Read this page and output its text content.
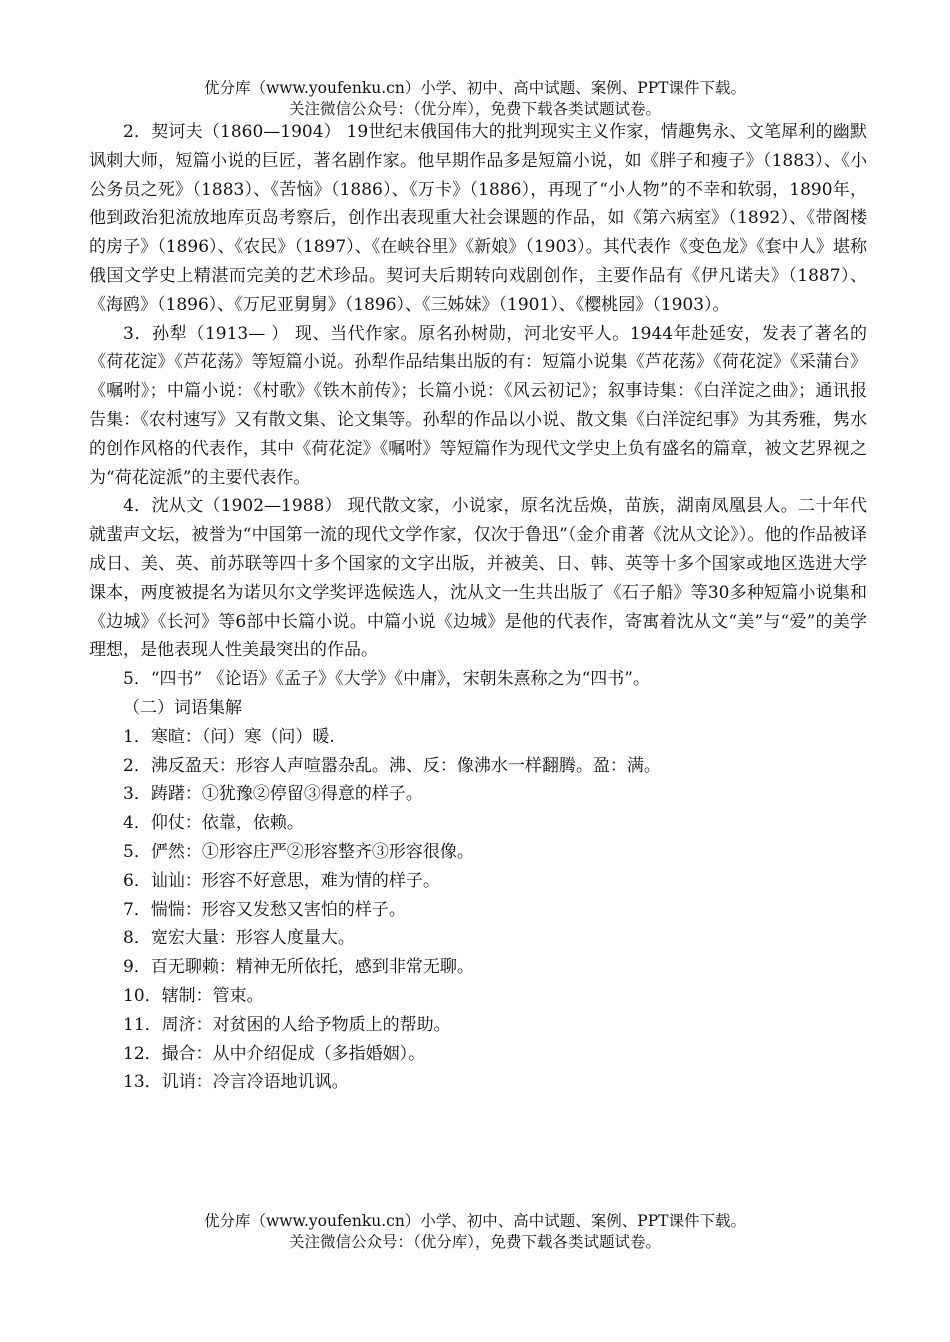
优分库（www.youfenku.cn）小学、初中、高中试题、案例、PPT课件下载。
关注微信公众号：（优分库），免费下载各类试题试卷。

2．契诃夫（1860—1904） 19世纪末俄国伟大的批判现实主义作家，情趣隽永、文笔犀利的幽默讽刺大师，短篇小说的巨匠，著名剧作家。他早期作品多是短篇小说，如《胖子和瘦子》（1883）、《小公务员之死》（1883）、《苦恼》（1886）、《万卡》（1886），再现了“小人物”的不幸和软弱，1890年，他到政治犯流放地库页岛考察后，创作出表现重大社会课题的作品，如《第六病室》（1892）、《带阁楼的房子》（1896）、《农民》（1897）、《在峡谷里》《新娘》（1903）。其代表作《变色龙》《套中人》堪称俄国文学史上精湛而完美的艺术珍品。契诃夫后期转向戏剧创作，主要作品有《伊凡诺夫》（1887）、《海鸥》（1896）、《万尼亚舅舅》（1896）、《三姊妹》（1901）、《樱桃园》（1903）。

3．孙犁（1913— ） 现、当代作家。原名孙树勋，河北安平人。1944年赴延安，发表了著名的《荷花淀》《芦花荡》等短篇小说。孙犁作品结集出版的有：短篇小说集《芦花荡》《荷花淀》《采蒲台》《嘱咐》；中篇小说：《村歌》《铁木前传》；长篇小说：《风云初记》；叙事诗集：《白洋淀之曲》；通讯报告集：《农村速写》又有散文集、论文集等。孙犁的作品以小说、散文集《白洋淀纪事》为其秀雅，隽水的创作风格的代表作，其中《荷花淀》《嘱咐》等短篇作为现代文学史上负有盛名的篇章，被文艺界视之为“荷花淀派”的主要代表作。

4．沈从文（1902—1988） 现代散文家，小说家，原名沈岳焕，苗族，湖南凤凰县人。二十年代就蜚声文坛，被誉为“中国第一流的现代文学作家，仅次于鲁迅”（金介甫著《沈从文论》）。他的作品被译成日、美、英、前苏联等四十多个国家的文字出版，并被美、日、韩、英等十多个国家或地区选进大学课本，两度被提名为诺贝尔文学奖评选候选人，沈从文一生共出版了《石子船》等30多种短篇小说集和《边城》《长河》等6部中长篇小说。中篇小说《边城》是他的代表作，寄寓着沈从文“美”与“爱”的美学理想，是他表现人性美最突出的作品。

5．“四书” 《论语》《孟子》《大学》《中庸》，宋朝朱熹称之为“四书”。

（二）词语集解

1．寒暄：（问）寒（问）暖.

2．沸反盈天：形容人声喧嚣杂乱。沸、反：像沸水一样翻腾。盈：满。

3．踌躇：①犹豫②停留③得意的样子。

4．仰仗：依靠，依赖。

5．俨然：①形容庄严②形容整齐③形容很像。

6．讪讪：形容不好意思，难为情的样子。

7．惴惴：形容又发愁又害怕的样子。

8．宽宏大量：形容人度量大。

9．百无聊赖：精神无所依托，感到非常无聊。

10．辖制：管束。

11．周济：对贫困的人给予物质上的帮助。

12．撮合：从中介绍促成（多指婚姻）。

13．讥诮：冷言冷语地讥讽。

优分库（www.youfenku.cn）小学、初中、高中试题、案例、PPT课件下载。
关注微信公众号：（优分库），免费下载各类试题试卷。
